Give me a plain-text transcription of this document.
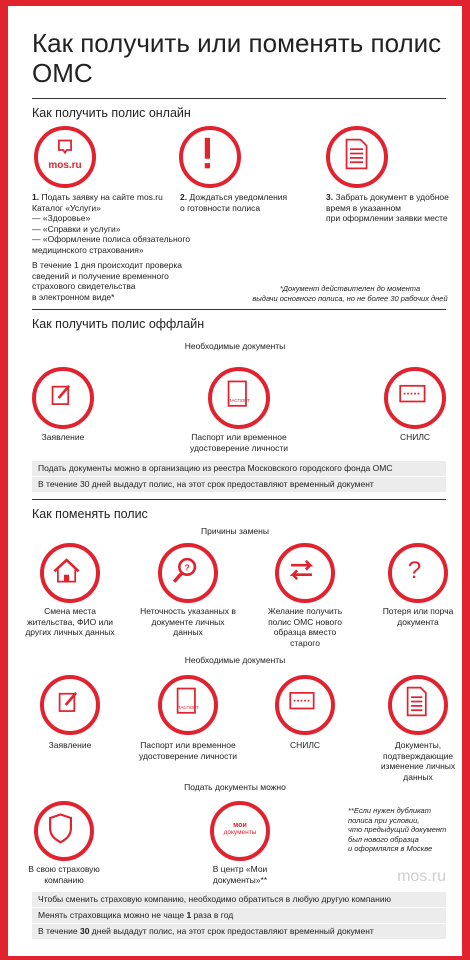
Как получить или поменять полис ОМС
Как получить полис онлайн
mos.ru
1. Подать заявку на сайте mos.ru
Каталог «Услуги»
— «Здоровье»
— «Справки и услуги»
— «Оформление полиса обязательного
медицинского страхования»
2. Дождаться уведомления
о готовности полиса
3. Забрать документ в удобное
время в указанном
при оформлении заявки месте
В течение 1 дня происходит проверка
сведений и получение временного
страхового свидетельства
в электронном виде*
*Документ действителен до момента
выдачи основного полиса, но не более 30 рабочих дней
Как получить полис оффлайн
Необходимые документы
ПАСПОРТ
Заявление	Паспорт или временное удостоверение личности
СНИЛС
Подать документы можно в организацию из реестра Московского городского фонда ОМС
В течение 30 дней выдадут полис, на этот срок предоставляют временный документ
Как поменять полис
Причины замены
?	?
Смена места жительства, ФИО или других личных данных
Неточность указанных в документе личных данных
Желание получить полис ОМС нового образца вместо старого
Потеря или порча документа
Необходимые документы
ПАСПОРТ
Заявление	Паспорт или временное удостоверение личности
СНИЛС	Документы, подтверждающие изменение личных данных
Подать документы можно
мои
документы
В свою страховую компанию
В центр «Мои документы»**
**Если нужен дубликат
полиса при условии,
что предыдущий документ
был нового образца
и оформлялся в Москве
mos.ru
Чтобы сменить страховую компанию, необходимо обратиться в любую другую компанию
Менять страховщика можно не чаще 1 раза в год
В течение 30 дней выдадут полис, на этот срок предоставляют временный документ
